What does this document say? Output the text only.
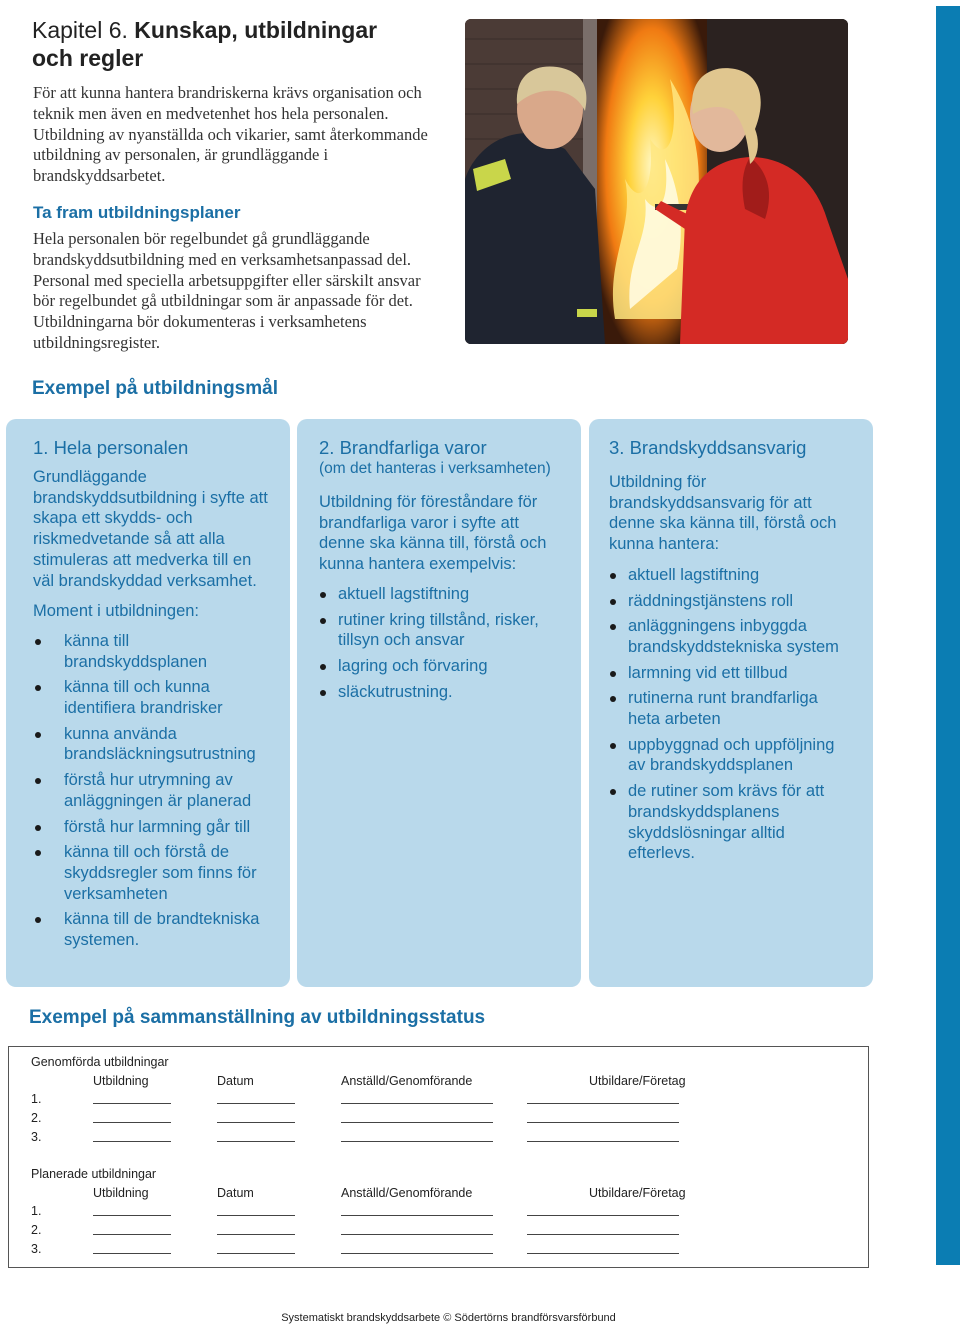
Kapitel 6. Kunskap, utbildningar
och regler

För att kunna hantera brandriskerna krävs organisation och teknik men även en medvetenhet hos hela personalen. Utbildning av nyanställda och vikarier, samt återkommande utbildning av personalen, är grundläggande i brandskyddsarbetet.

Ta fram utbildningsplaner

Hela personalen bör regelbundet gå grundläggande brandskyddsutbildning med en verksamhetsanpassad del. Personal med speciella arbetsuppgifter eller särskilt ansvar bör regelbundet gå utbildningar som är anpassade för det. Utbildningarna bör dokumenteras i verksamhetens utbildningsregister.

Exempel på utbildningsmål
1. Hela personalen
Grundläggande brandskyddsutbildning i syfte att skapa ett skydds- och riskmedvetande så att alla stimuleras att medverka till en väl brandskyddad verksamhet.
Moment i utbildningen:
känna till brandskyddsplanen
känna till och kunna identifiera brandrisker
kunna använda brandsläckningsutrustning
förstå hur utrymning av anläggningen är planerad
förstå hur larmning går till
känna till och förstå de skyddsregler som finns för verksamheten
känna till de brandtekniska systemen.
2. Brandfarliga varor
(om det hanteras i verksamheten)
Utbildning för föreståndare för brandfarliga varor i syfte att denne ska känna till, förstå och kunna hantera exempelvis:
aktuell lagstiftning
rutiner kring tillstånd, risker, tillsyn och ansvar
lagring och förvaring
släckutrustning.
3. Brandskyddsansvarig
Utbildning för brandskyddsansvarig för att denne ska känna till, förstå och kunna hantera:
aktuell lagstiftning
räddningstjänstens roll
anläggningens inbyggda brandskyddstekniska system
larmning vid ett tillbud
rutinerna runt brandfarliga heta arbeten
uppbyggnad och uppföljning av brandskyddsplanen
de rutiner som krävs för att brandskyddsplanens skyddslösningar alltid efterlevs.
Exempel på sammanställning av utbildningsstatus
Genomförda utbildningar
Utbildning	Datum	Anställd/Genomförande	Utbildare/Företag
1.
2.
3.
Planerade utbildningar
Utbildning	Datum	Anställd/Genomförande	Utbildare/Företag
1.
2.
3.
Systematiskt brandskyddsarbete © Södertörns brandförsvarsförbund
